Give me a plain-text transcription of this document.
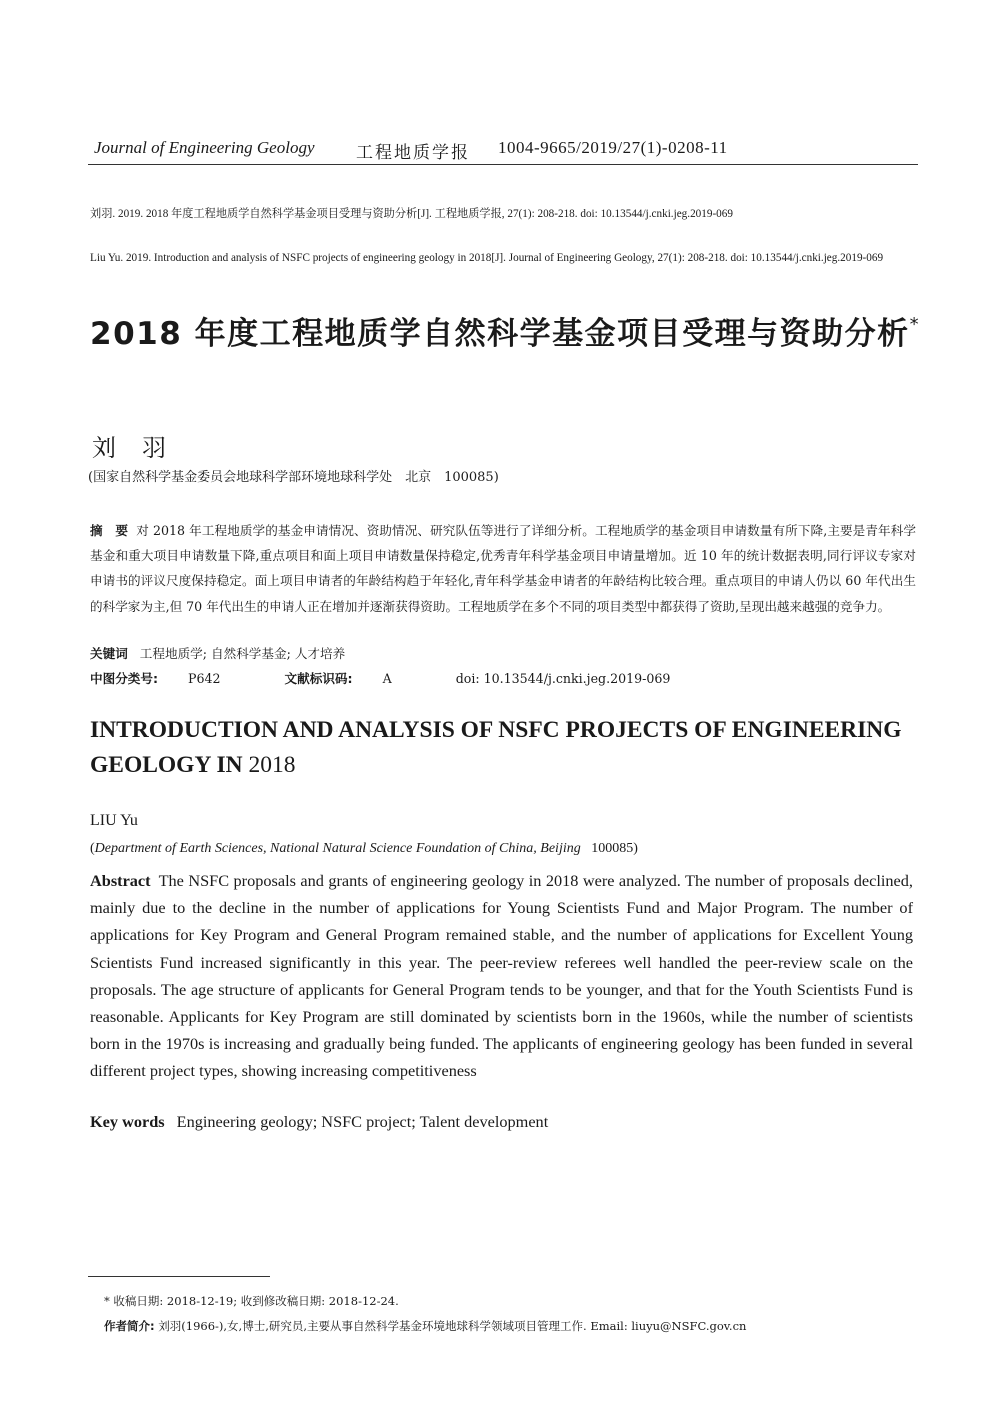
Journal of Engineering Geology 工程地质学报 1004-9665/2019/27(1)-0208-11

刘羽. 2019. 2018 年度工程地质学自然科学基金项目受理与资助分析[J]. 工程地质学报, 27(1): 208-218. doi: 10.13544/j.cnki.jeg.2019-069

Liu Yu. 2019. Introduction and analysis of NSFC projects of engineering geology in 2018[J]. Journal of Engineering Geology, 27(1): 208-218. doi: 10.13544/j.cnki.jeg.2019-069

2018 年度工程地质学自然科学基金项目受理与资助分析*
刘羽
(国家自然科学基金委员会地球科学部环境地球科学处　北京　100085)
摘　要 对 2018 年工程地质学的基金申请情况、资助情况、研究队伍等进行了详细分析。工程地质学的基金项目申请数量有所下降,主要是青年科学基金和重大项目申请数量下降,重点项目和面上项目申请数量保持稳定,优秀青年科学基金项目申请量增加。近 10 年的统计数据表明,同行评议专家对申请书的评议尺度保持稳定。面上项目申请者的年龄结构趋于年轻化,青年科学基金申请者的年龄结构比较合理。重点项目的申请人仍以 60 年代出生的科学家为主,但 70 年代出生的申请人正在增加并逐渐获得资助。工程地质学在多个不同的项目类型中都获得了资助,呈现出越来越强的竞争力。
关键词 工程地质学; 自然科学基金; 人才培养
中图分类号: P642	文献标识码: A	doi: 10.13544/j.cnki.jeg.2019-069
INTRODUCTION AND ANALYSIS OF NSFC PROJECTS OF ENGINEERING GEOLOGY IN 2018
LIU Yu
(Department of Earth Sciences, National Natural Science Foundation of China, Beijing 100085)
Abstract The NSFC proposals and grants of engineering geology in 2018 were analyzed. The number of proposals declined, mainly due to the decline in the number of applications for Young Scientists Fund and Major Program. The number of applications for Key Program and General Program remained stable, and the number of applications for Excellent Young Scientists Fund increased significantly in this year. The peer-review referees well handled the peer-review scale on the proposals. The age structure of applicants for General Program tends to be younger, and that for the Youth Scientists Fund is reasonable. Applicants for Key Program are still dominated by scientists born in the 1960s, while the number of scientists born in the 1970s is increasing and gradually being funded. The applicants of engineering geology has been funded in several different project types, showing increasing competitiveness
Key words Engineering geology; NSFC project; Talent development
* 收稿日期: 2018-12-19; 收到修改稿日期: 2018-12-24.
作者简介: 刘羽(1966-),女,博士,研究员,主要从事自然科学基金环境地球科学领域项目管理工作. Email: liuyu@NSFC.gov.cn
